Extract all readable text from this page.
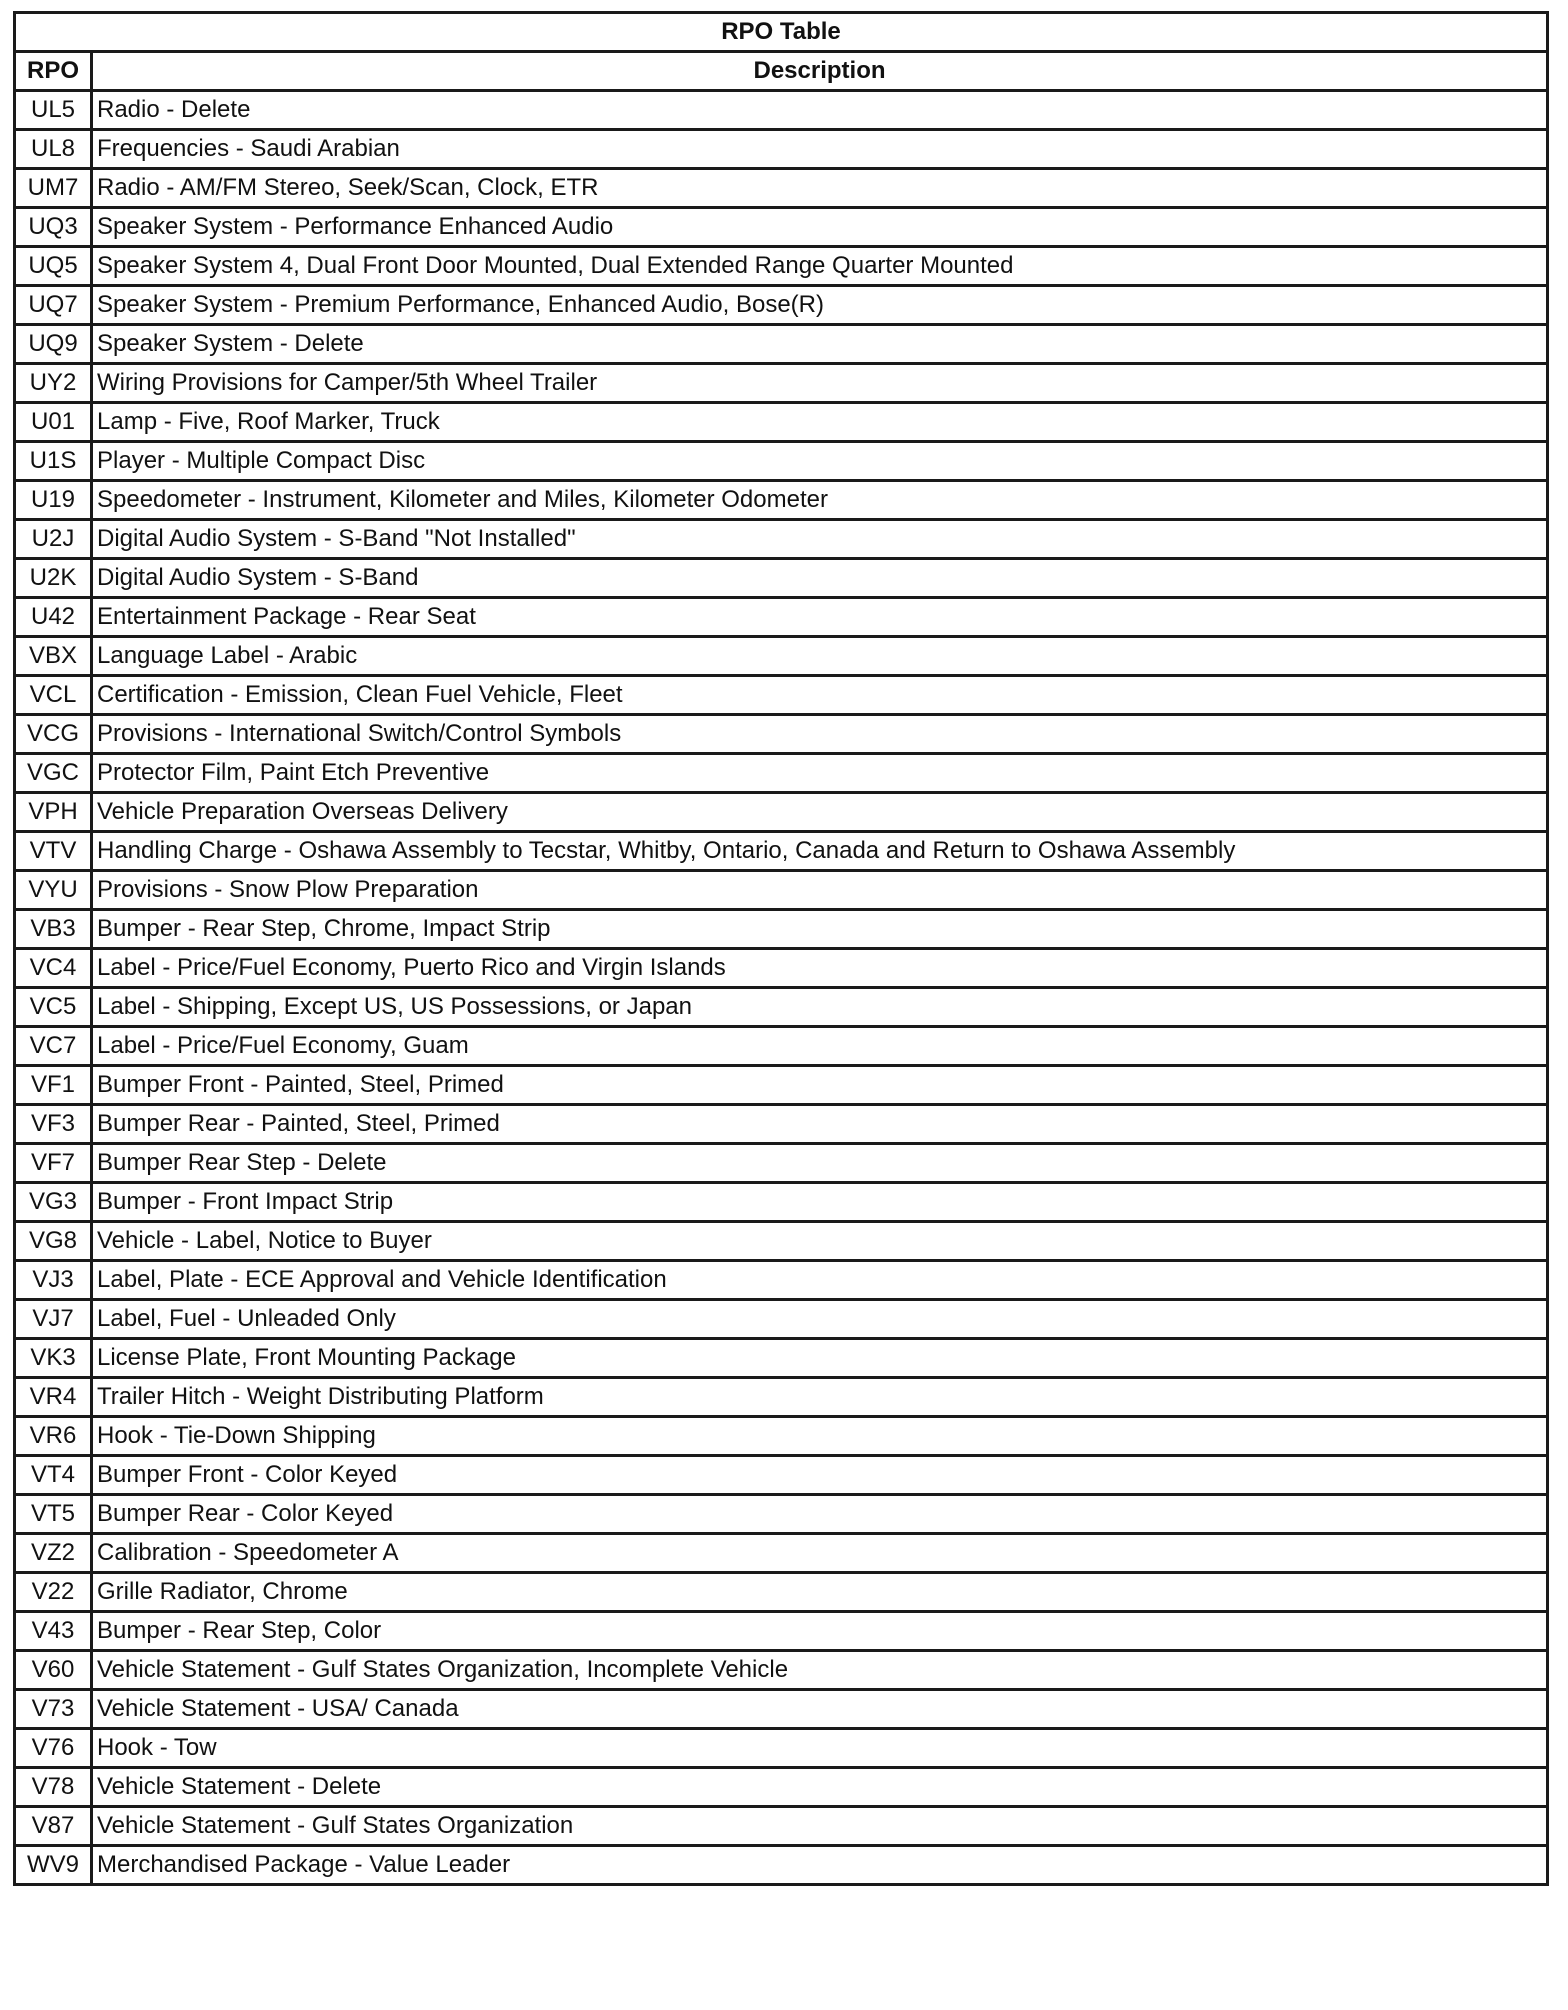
RPO Table	
RPO	Description
UL5	Radio - Delete
UL8	Frequencies - Saudi Arabian
UM7	Radio - AM/FM Stereo, Seek/Scan, Clock, ETR
UQ3	Speaker System - Performance Enhanced Audio
UQ5	Speaker System 4, Dual Front Door Mounted, Dual Extended Range Quarter Mounted
UQ7	Speaker System - Premium Performance, Enhanced Audio, Bose(R)
UQ9	Speaker System - Delete
UY2	Wiring Provisions for Camper/5th Wheel Trailer
U01	Lamp - Five, Roof Marker, Truck
U1S	Player - Multiple Compact Disc
U19	Speedometer - Instrument, Kilometer and Miles, Kilometer Odometer
U2J	Digital Audio System - S-Band "Not Installed"
U2K	Digital Audio System - S-Band
U42	Entertainment Package - Rear Seat
VBX	Language Label - Arabic
VCL	Certification - Emission, Clean Fuel Vehicle, Fleet
VCG	Provisions - International Switch/Control Symbols
VGC	Protector Film, Paint Etch Preventive
VPH	Vehicle Preparation Overseas Delivery
VTV	Handling Charge - Oshawa Assembly to Tecstar, Whitby, Ontario, Canada and Return to Oshawa Assembly
VYU	Provisions - Snow Plow Preparation
VB3	Bumper - Rear Step, Chrome, Impact Strip
VC4	Label - Price/Fuel Economy, Puerto Rico and Virgin Islands
VC5	Label - Shipping, Except US, US Possessions, or Japan
VC7	Label - Price/Fuel Economy, Guam
VF1	Bumper Front - Painted, Steel, Primed
VF3	Bumper Rear - Painted, Steel, Primed
VF7	Bumper Rear Step - Delete
VG3	Bumper - Front Impact Strip
VG8	Vehicle - Label, Notice to Buyer
VJ3	Label, Plate - ECE Approval and Vehicle Identification
VJ7	Label, Fuel - Unleaded Only
VK3	License Plate, Front Mounting Package
VR4	Trailer Hitch - Weight Distributing Platform
VR6	Hook - Tie-Down Shipping
VT4	Bumper Front - Color Keyed
VT5	Bumper Rear - Color Keyed
VZ2	Calibration - Speedometer A
V22	Grille Radiator, Chrome
V43	Bumper - Rear Step, Color
V60	Vehicle Statement - Gulf States Organization, Incomplete Vehicle
V73	Vehicle Statement - USA/ Canada
V76	Hook - Tow
V78	Vehicle Statement - Delete
V87	Vehicle Statement - Gulf States Organization
WV9	Merchandised Package - Value Leader
